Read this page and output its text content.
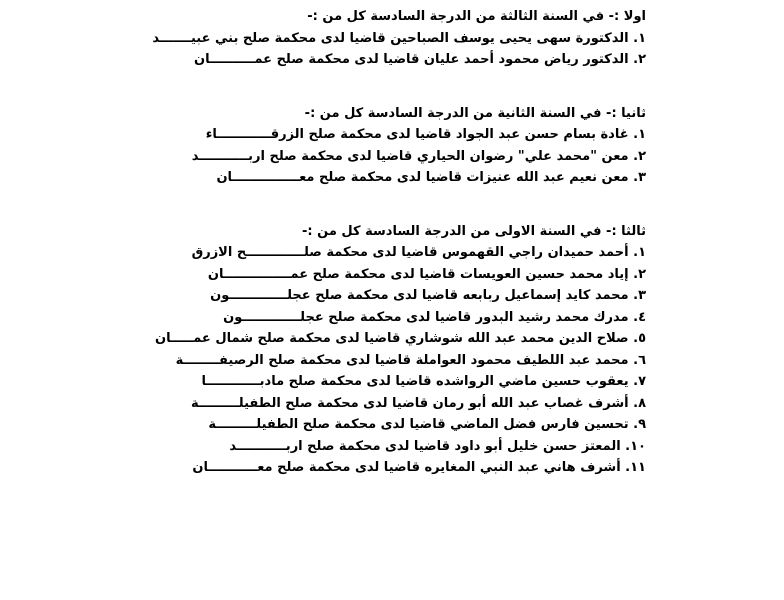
اولا :- في السنة الثالثة من الدرجة السادسة كل من :-
١. الدكتورة سهى يحيى يوسف الصباحين قاضيا لدى محكمة صلح بني عبيـــــــد
٢. الدكتور رياض محمود أحمد عليان قاضيا لدى محكمة صلح عمــــــــــان
ثانيا :- في السنة الثانية من الدرجة السادسة كل من :-
١. غادة بسام حسن عبد الجواد قاضيا لدى محكمة صلح الزرقــــــــــــاء
٢. معن "محمد علي" رضوان الحياري قاضيا لدى محكمة صلح اربـــــــــــد
٣. معن نعيم عبد الله عنيزات قاضيا لدى محكمة صلح معـــــــــــــــان
ثالثا :- في السنة الاولى من الدرجة السادسة كل من :-
١. أحمد حميدان راجي القهموس قاضيا لدى محكمة صلـــــــــــــح الازرق
٢. إياد محمد حسين العويسات قاضيا لدى محكمة صلح عمـــــــــــــــان
٣. محمد كايد إسماعيل ربابعه قاضيا لدى محكمة صلح عجلـــــــــــــون
٤. مدرك محمد رشيد البدور قاضيا لدى محكمة صلح عجلـــــــــــــون
٥. صلاح الدين محمد عبد الله شوشاري قاضيا لدى محكمة صلح شمال عمـــــان
٦. محمد عبد اللطيف محمود العواملة قاضيا لدى محكمة صلح الرصيفــــــــة
٧. يعقوب حسين ماضي الرواشده قاضيا لدى محكمة صلح مادبــــــــــــا
٨. أشرف غصاب عبد الله أبو رمان قاضيا لدى محكمة صلح الطفيلـــــــــة
٩. تحسين فارس فضل الماضي قاضيا لدى محكمة صلح الطفيلـــــــــة
١٠. المعتز حسن خليل أبو داود قاضيا لدى محكمة صلح اربـــــــــــد
١١. أشرف هاني عبد النبي المغايره قاضيا لدى محكمة صلح معـــــــــــان
